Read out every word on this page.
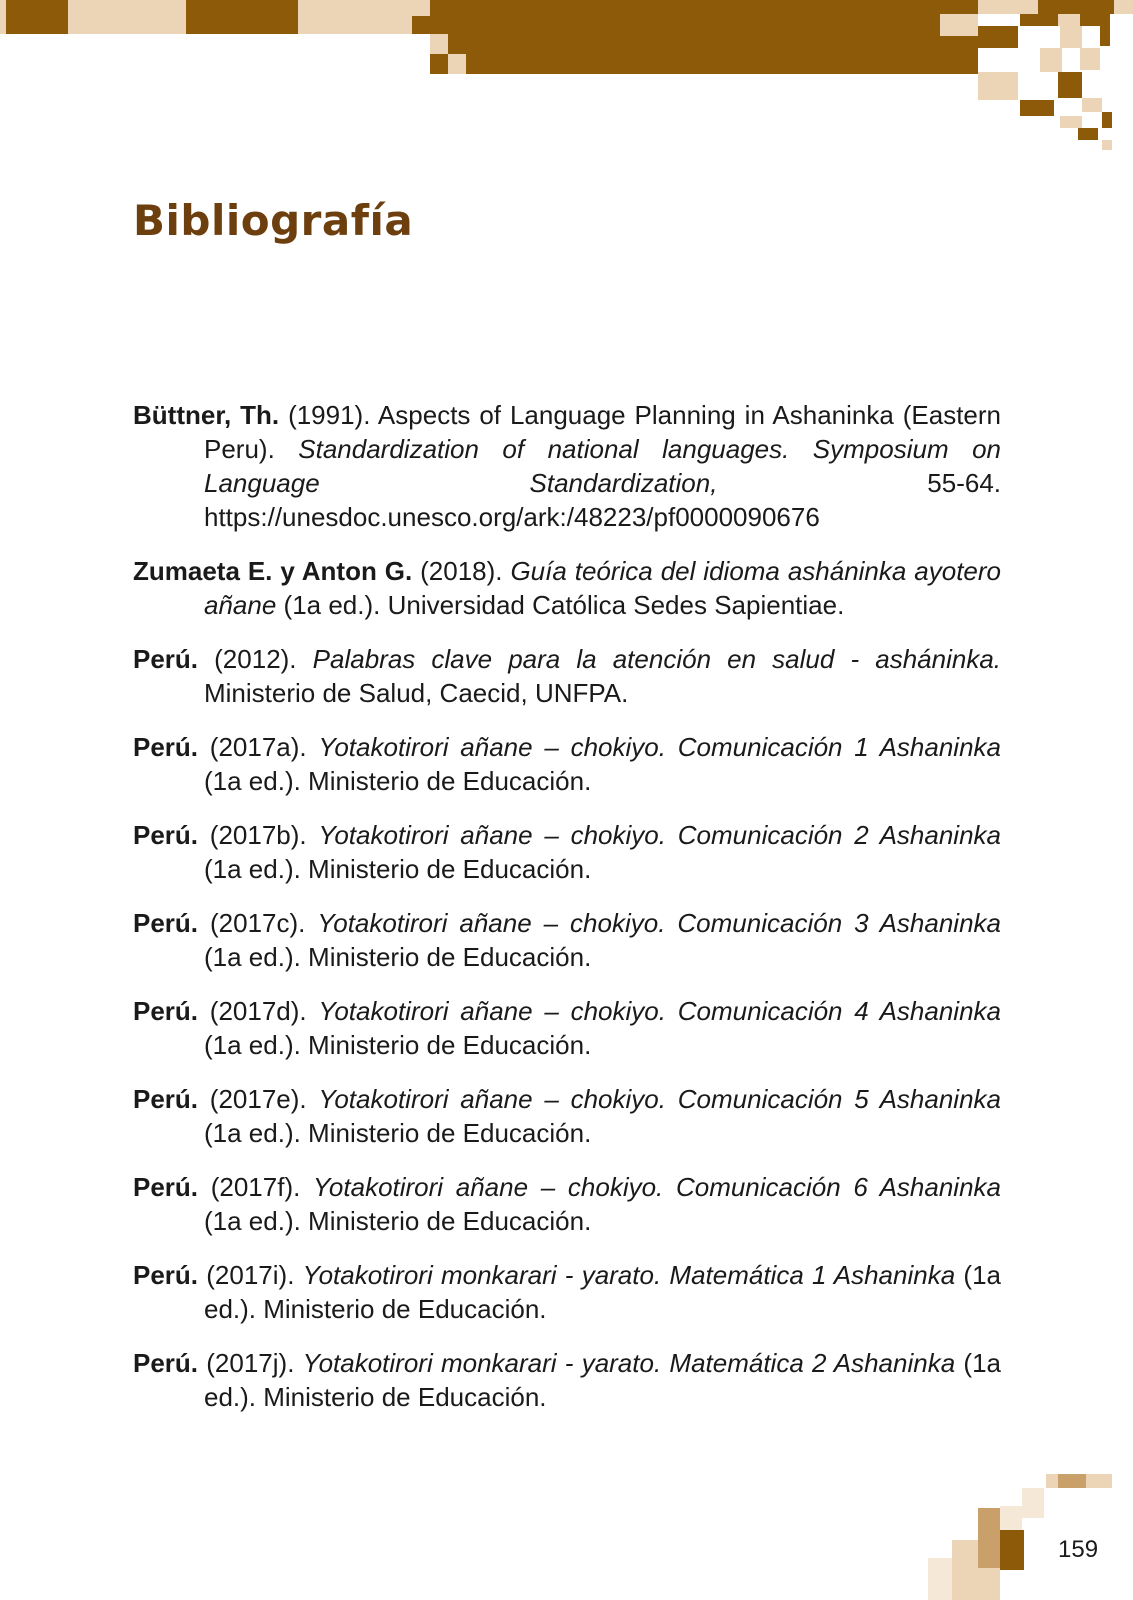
Bibliografía

Büttner, Th. (1991). Aspects of Language Planning in Ashaninka (Eastern Peru). Standardization of national languages. Symposium on Language Standardization, 55-64. https://unesdoc.unesco.org/ark:/48223/pf0000090676

Zumaeta E. y Anton G. (2018). Guía teórica del idioma asháninka ayotero añane (1a ed.). Universidad Católica Sedes Sapientiae.

Perú. (2012). Palabras clave para la atención en salud - asháninka. Ministerio de Salud, Caecid, UNFPA.

Perú. (2017a). Yotakotirori añane – chokiyo. Comunicación 1 Ashaninka (1a ed.). Ministerio de Educación.

Perú. (2017b). Yotakotirori añane – chokiyo. Comunicación 2 Ashaninka (1a ed.). Ministerio de Educación.

Perú. (2017c). Yotakotirori añane – chokiyo. Comunicación 3 Ashaninka (1a ed.). Ministerio de Educación.

Perú. (2017d). Yotakotirori añane – chokiyo. Comunicación 4 Ashaninka (1a ed.). Ministerio de Educación.

Perú. (2017e). Yotakotirori añane – chokiyo. Comunicación 5 Ashaninka (1a ed.). Ministerio de Educación.

Perú. (2017f). Yotakotirori añane – chokiyo. Comunicación 6 Ashaninka (1a ed.). Ministerio de Educación.

Perú. (2017i). Yotakotirori monkarari - yarato. Matemática 1 Ashaninka (1a ed.). Ministerio de Educación.

Perú. (2017j). Yotakotirori monkarari - yarato. Matemática 2 Ashaninka (1a ed.). Ministerio de Educación.

159
